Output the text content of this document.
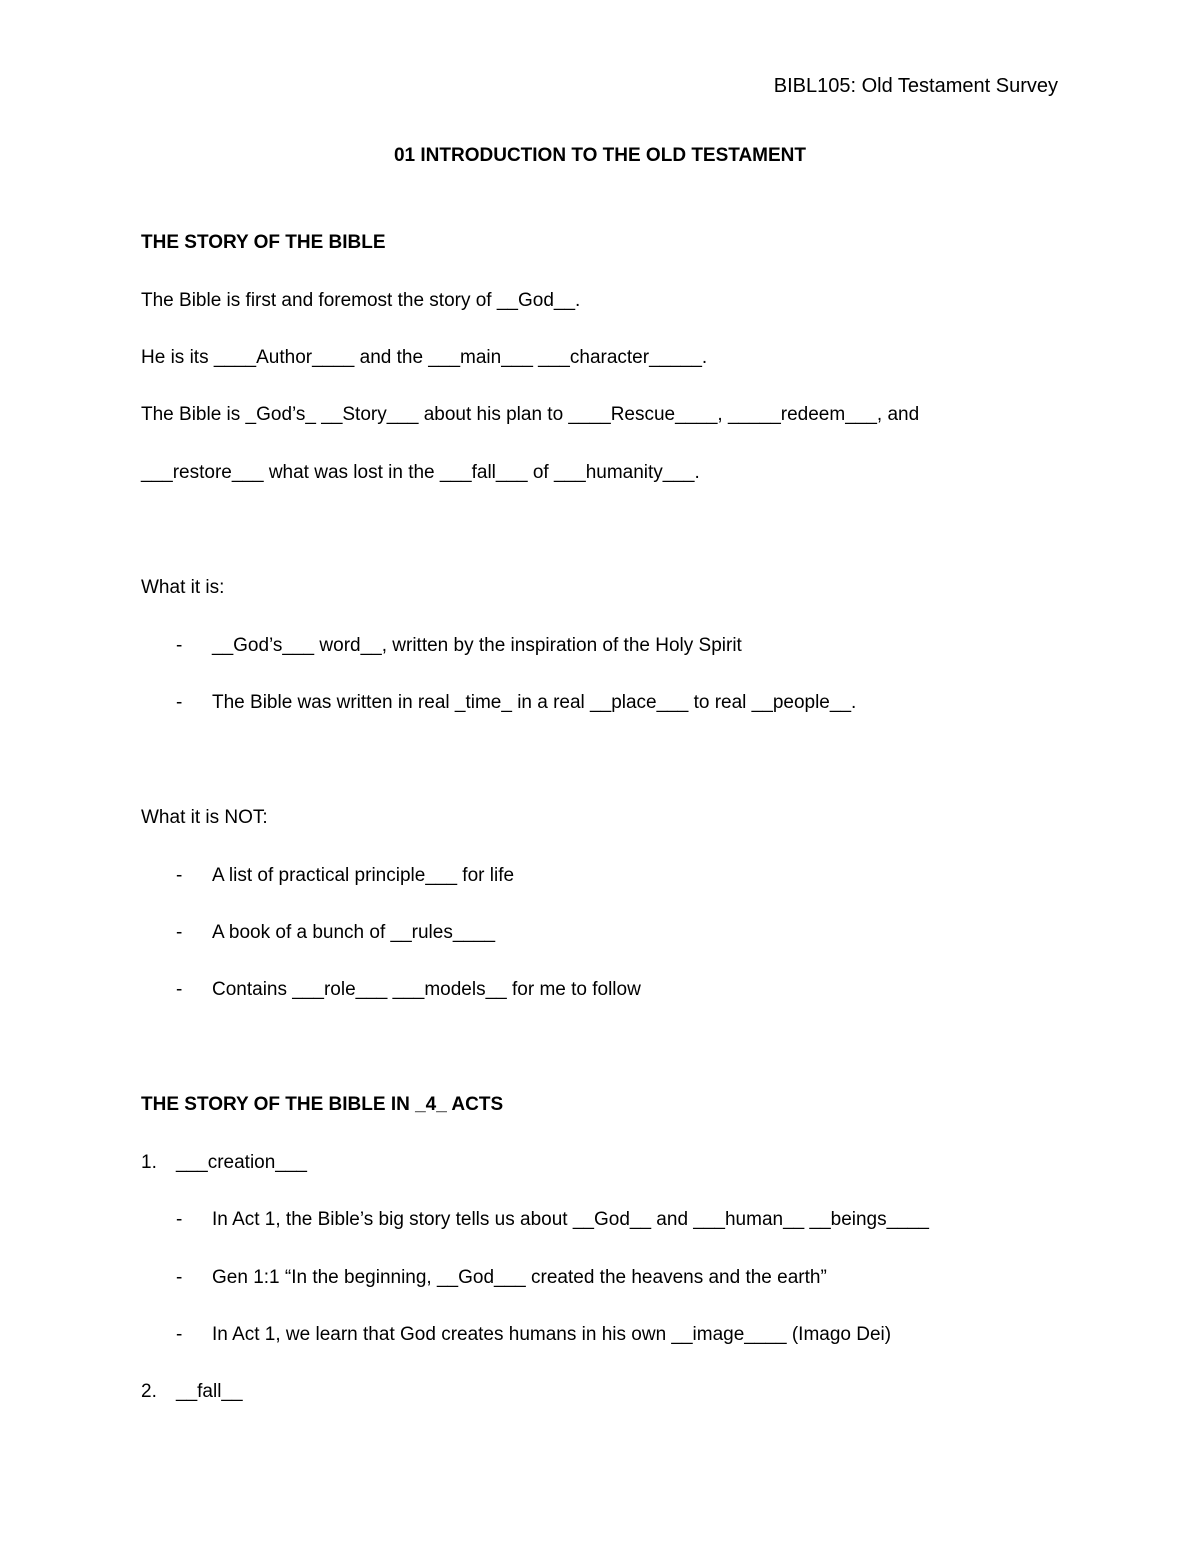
BIBL105: Old Testament Survey
01 INTRODUCTION TO THE OLD TESTAMENT
THE STORY OF THE BIBLE
The Bible is first and foremost the story of __God__.
He is its ____Author____ and the ___main___ ___character_____.
The Bible is _God’s_ __Story___ about his plan to ____Rescue____, _____redeem___, and
___restore___ what was lost in the ___fall___ of ___humanity___.
What it is:
- __God’s___ word__, written by the inspiration of the Holy Spirit
- The Bible was written in real _time_ in a real __place___ to real __people__.
What it is NOT:
- A list of practical principle___ for life
- A book of a bunch of __rules____
- Contains ___role___ ___models__ for me to follow
THE STORY OF THE BIBLE IN _4_ ACTS
1. ___creation___
- In Act 1, the Bible’s big story tells us about __God__ and ___human__ __beings____
- Gen 1:1 “In the beginning, __God___ created the heavens and the earth”
- In Act 1, we learn that God creates humans in his own __image____ (Imago Dei)
2. __fall__
